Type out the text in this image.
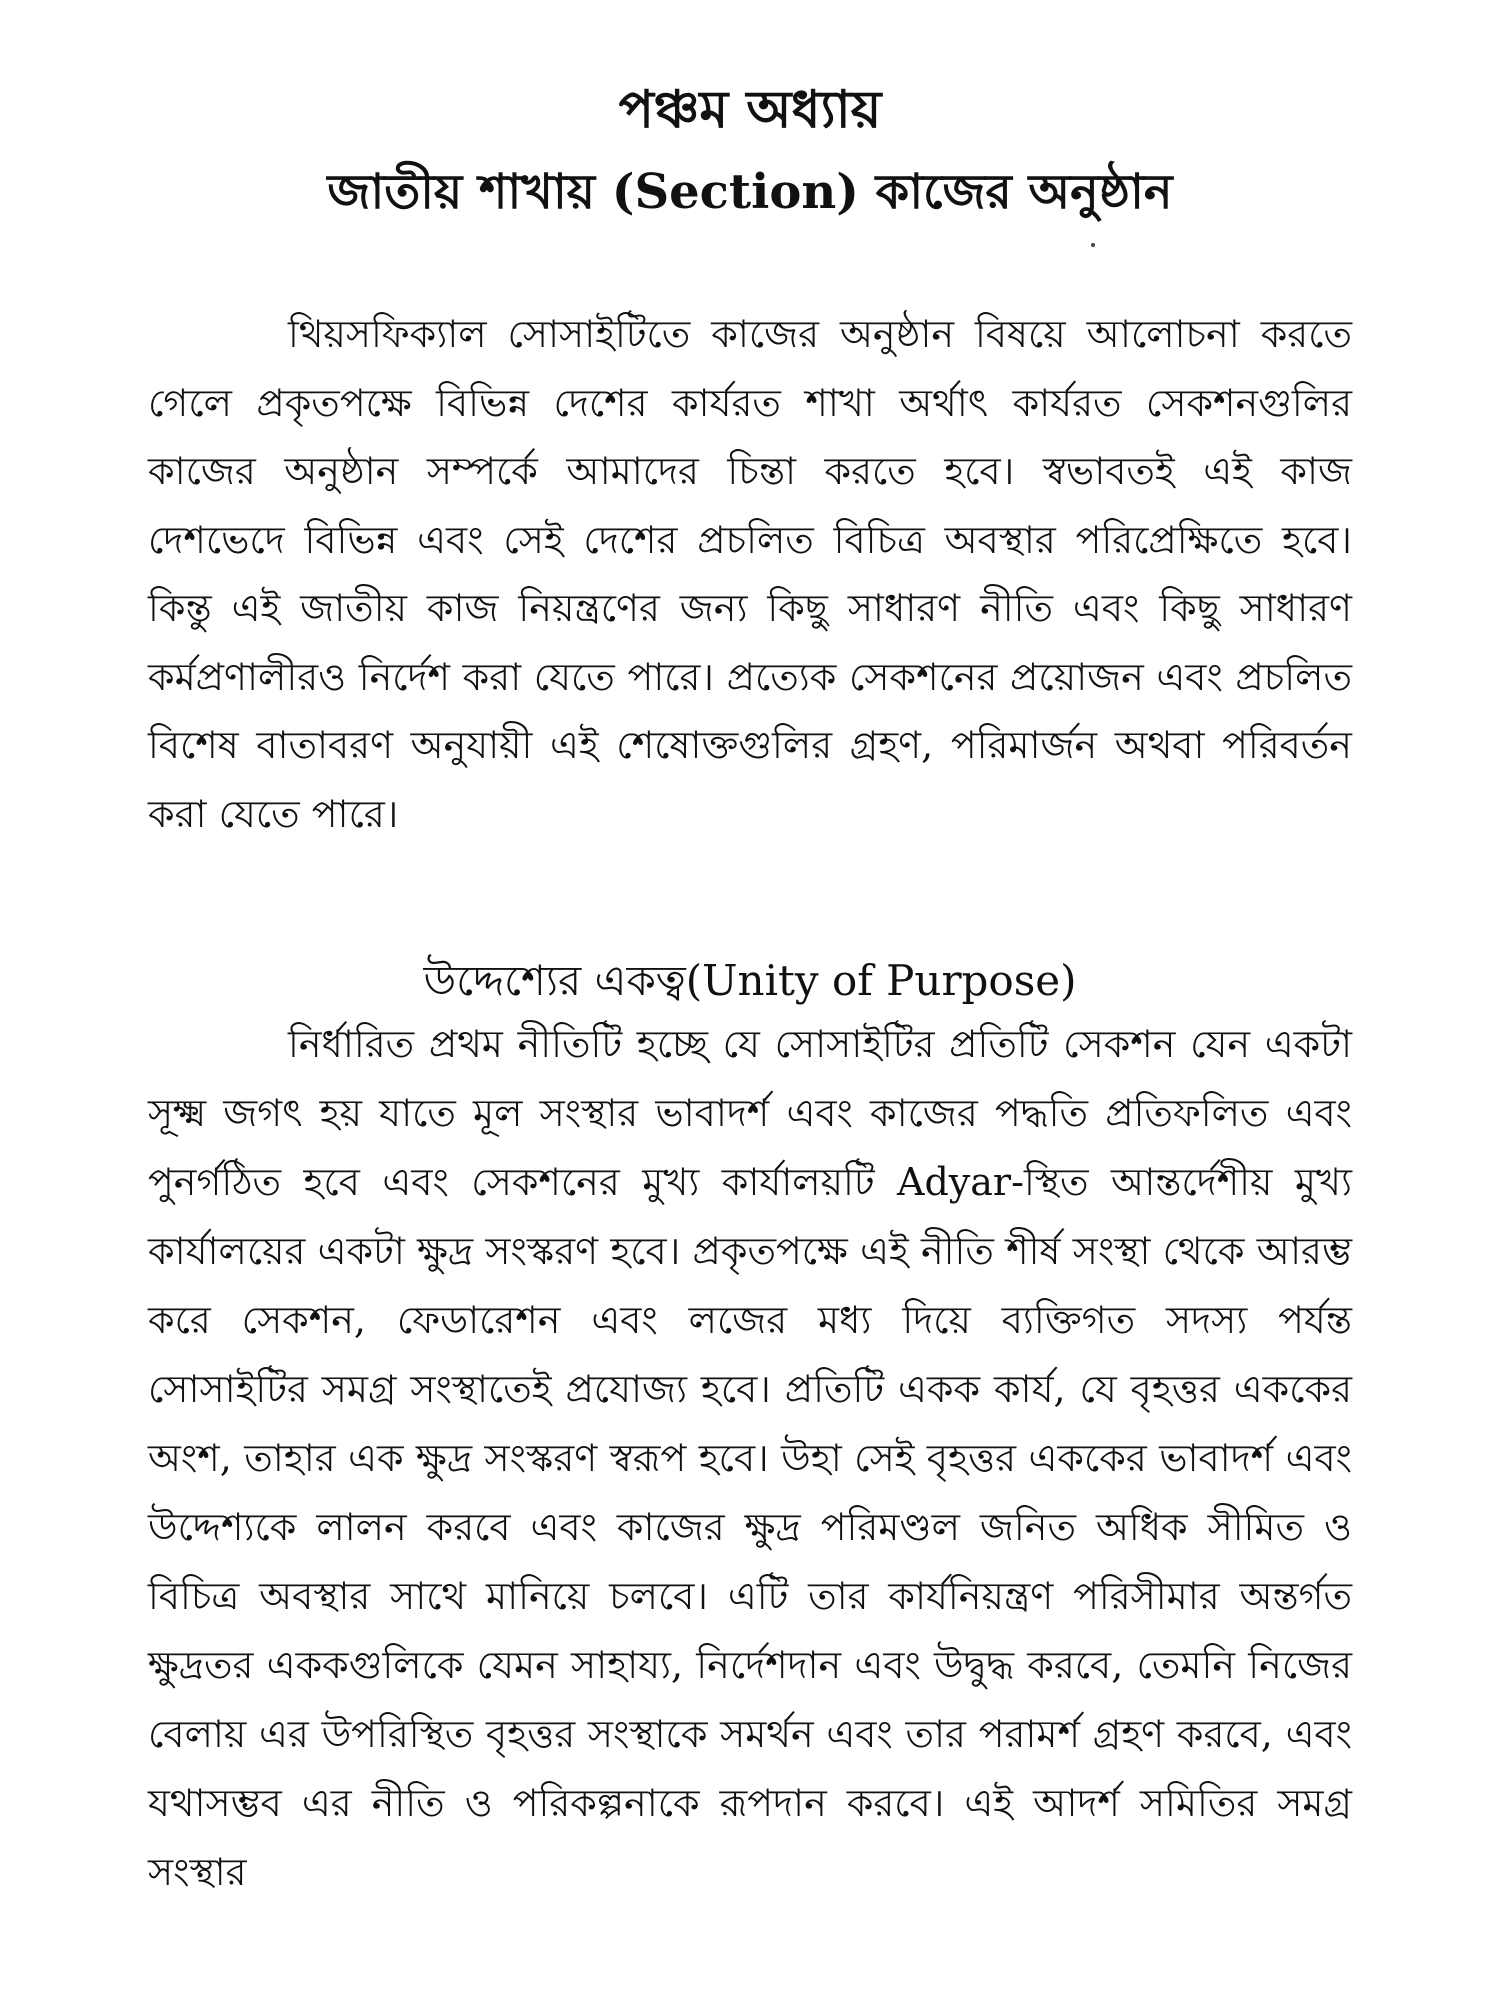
পঞ্চম অধ্যায়
জাতীয় শাখায় (Section) কাজের অনুষ্ঠান

থিয়সফিক্যাল সোসাইটিতে কাজের অনুষ্ঠান বিষয়ে আলোচনা করতে গেলে প্রকৃতপক্ষে বিভিন্ন দেশের কার্যরত শাখা অর্থাৎ কার্যরত সেকশনগুলির কাজের অনুষ্ঠান সম্পর্কে আমাদের চিন্তা করতে হবে। স্বভাবতই এই কাজ দেশভেদে বিভিন্ন এবং সেই দেশের প্রচলিত বিচিত্র অবস্থার পরিপ্রেক্ষিতে হবে। কিন্তু এই জাতীয় কাজ নিয়ন্ত্রণের জন্য কিছু সাধারণ নীতি এবং কিছু সাধারণ কর্মপ্রণালীরও নির্দেশ করা যেতে পারে। প্রত্যেক সেকশনের প্রয়োজন এবং প্রচলিত বিশেষ বাতাবরণ অনুযায়ী এই শেষোক্তগুলির গ্রহণ, পরিমার্জন অথবা পরিবর্তন করা যেতে পারে।

উদ্দেশ্যের একত্ব(Unity of Purpose)

নির্ধারিত প্রথম নীতিটি হচ্ছে যে সোসাইটির প্রতিটি সেকশন যেন একটা সূক্ষ্ম জগৎ হয় যাতে মূল সংস্থার ভাবাদর্শ এবং কাজের পদ্ধতি প্রতিফলিত এবং পুনর্গঠিত হবে এবং সেকশনের মুখ্য কার্যালয়টি Adyar-স্থিত আন্তর্দেশীয় মুখ্য কার্যালয়ের একটা ক্ষুদ্র সংস্করণ হবে। প্রকৃতপক্ষে এই নীতি শীর্ষ সংস্থা থেকে আরম্ভ করে সেকশন, ফেডারেশন এবং লজের মধ্য দিয়ে ব্যক্তিগত সদস্য পর্যন্ত সোসাইটির সমগ্র সংস্থাতেই প্রযোজ্য হবে। প্রতিটি একক কার্য, যে বৃহত্তর এককের অংশ, তাহার এক ক্ষুদ্র সংস্করণ স্বরূপ হবে। উহা সেই বৃহত্তর এককের ভাবাদর্শ এবং উদ্দেশ্যকে লালন করবে এবং কাজের ক্ষুদ্র পরিমণ্ডল জনিত অধিক সীমিত ও বিচিত্র অবস্থার সাথে মানিয়ে চলবে। এটি তার কার্যনিয়ন্ত্রণ পরিসীমার অন্তর্গত ক্ষুদ্রতর এককগুলিকে যেমন সাহায্য, নির্দেশদান এবং উদ্বুদ্ধ করবে, তেমনি নিজের বেলায় এর উপরিস্থিত বৃহত্তর সংস্থাকে সমর্থন এবং তার পরামর্শ গ্রহণ করবে, এবং যথাসম্ভব এর নীতি ও পরিকল্পনাকে রূপদান করবে। এই আদর্শ সমিতির সমগ্র সংস্থার
